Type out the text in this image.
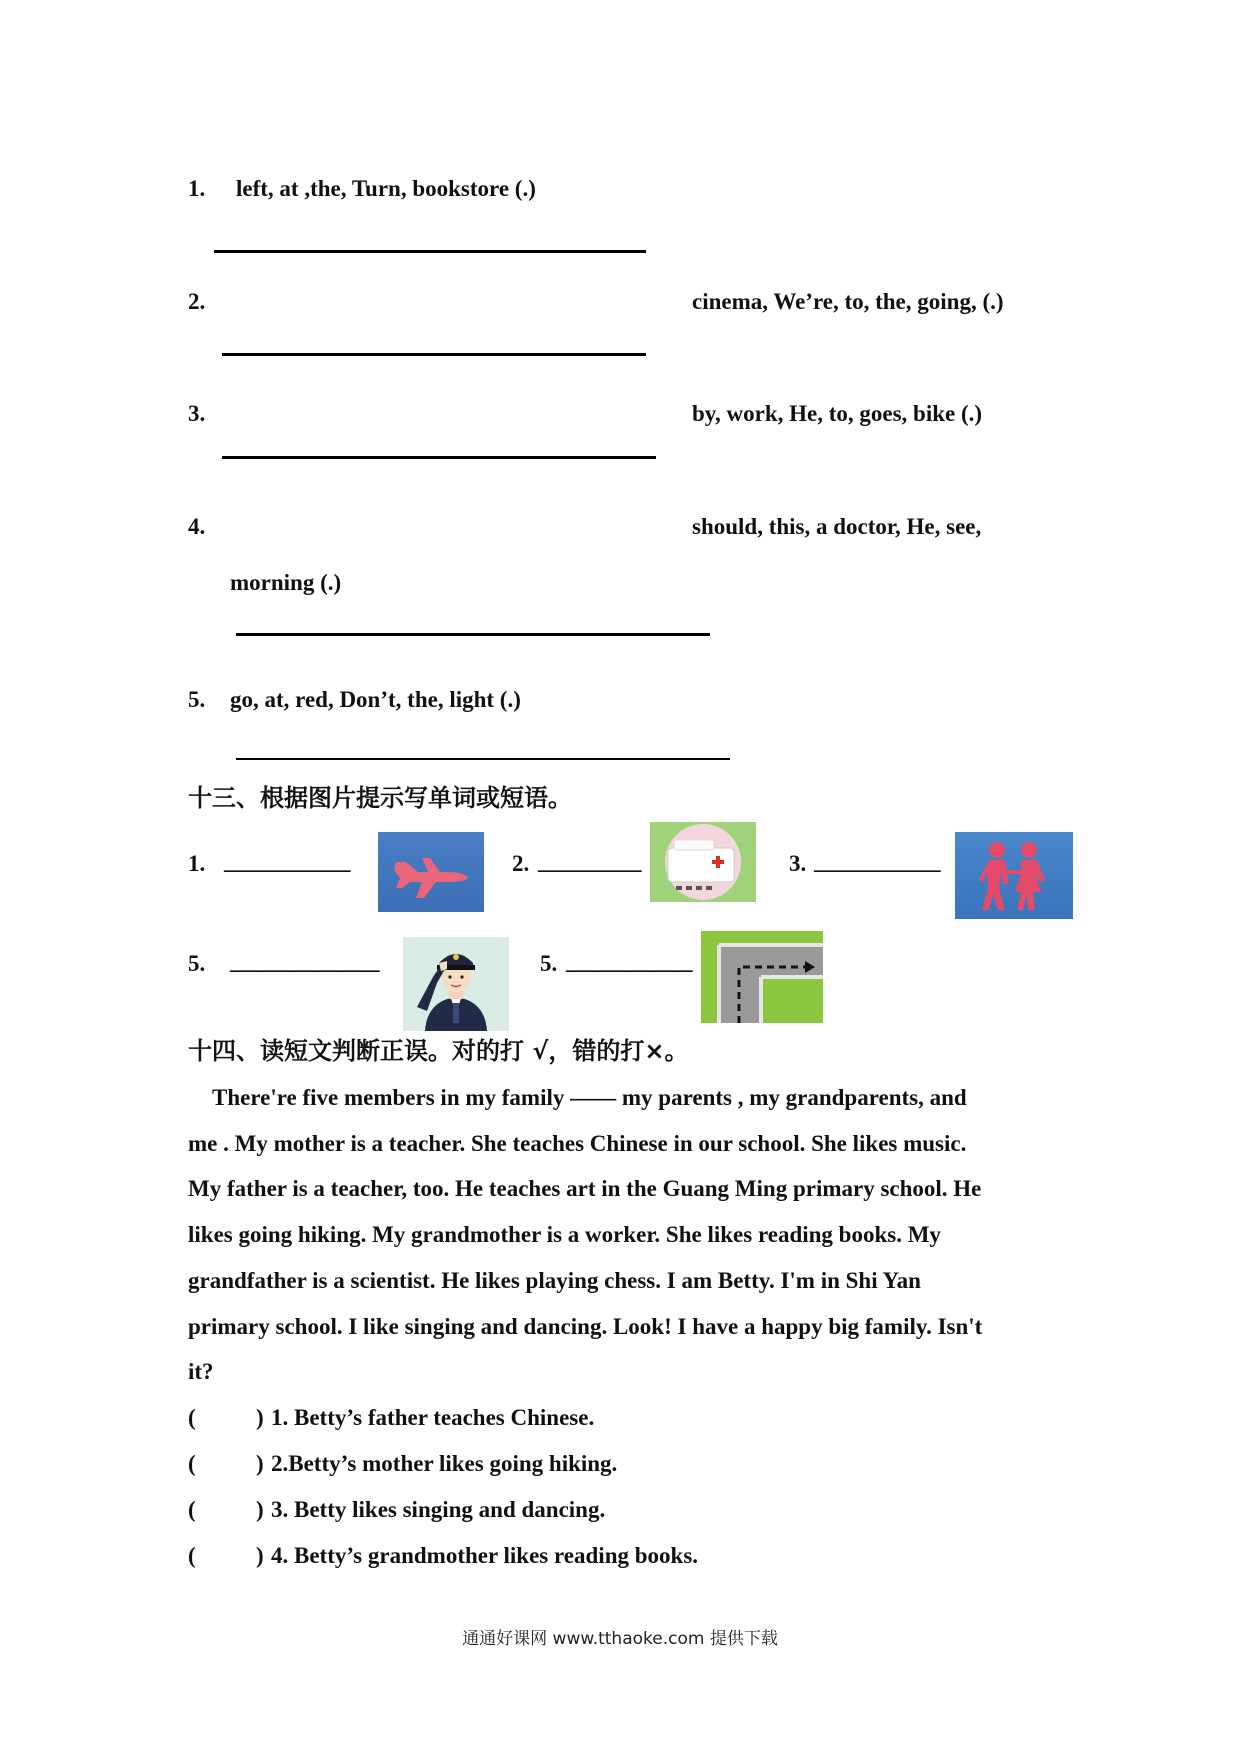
1. left, at ,the, Turn, bookstore (.)
2.	cinema, We’re, to, the, going, (.)
3.	by, work, He, to, goes, bike (.)
4.	should, this, a doctor, He, see,
morning (.)
5. go, at, red, Don’t, the, light (.)
十三、根据图片提示写单词或短语。
1. ___________	2. _________	3. ___________
5. _____________	5. ___________
十四、读短文判断正误。对的打 √，错的打×。

There're five members in my family —— my parents , my grandparents, and

me . My mother is a teacher. She teaches Chinese in our school. She likes music.

My father is a teacher, too. He teaches art in the Guang Ming primary school. He

likes going hiking. My grandmother is a worker. She likes reading books. My

grandfather is a scientist. He likes playing chess. I am Betty. I'm in Shi Yan

primary school. I like singing and dancing. Look! I have a happy big family. Isn't

it?

(	) 1. Betty’s father teaches Chinese.
(	) 2.Betty’s mother likes going hiking.
(	) 3. Betty likes singing and dancing.
(	) 4. Betty’s grandmother likes reading books.
通通好课网 www.tthaoke.com 提供下载
